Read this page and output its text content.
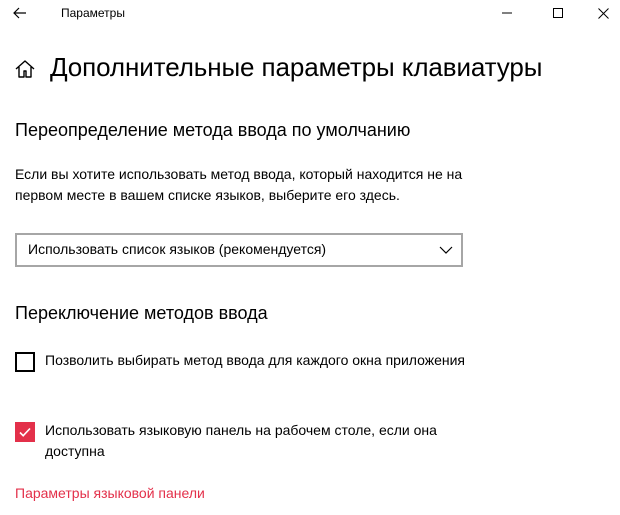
Параметры
Дополнительные параметры клавиатуры
Переопределение метода ввода по умолчанию
Если вы хотите использовать метод ввода, который находится не на первом месте в вашем списке языков, выберите его здесь.
Использовать список языков (рекомендуется)
Переключение методов ввода
Позволить выбирать метод ввода для каждого окна приложения
Использовать языковую панель на рабочем столе, если она доступна
Параметры языковой панели
